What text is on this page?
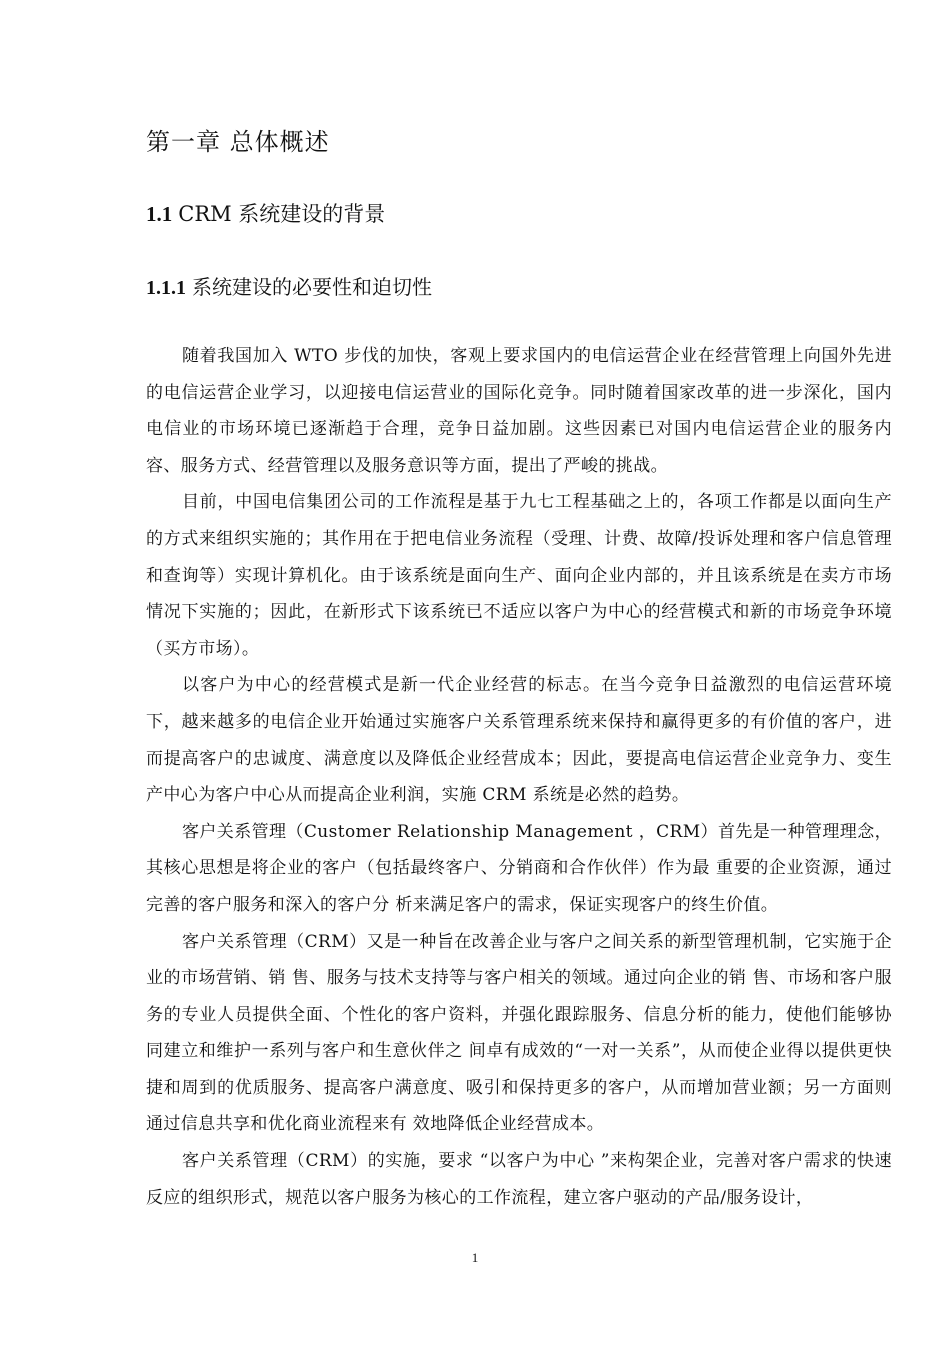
第一章 总体概述
1.1 CRM 系统建设的背景
1.1.1 系统建设的必要性和迫切性

随着我国加入 WTO 步伐的加快，客观上要求国内的电信运营企业在经营管理上向国外先进的电信运营企业学习，以迎接电信运营业的国际化竞争。同时随着国家改革的进一步深化，国内电信业的市场环境已逐渐趋于合理，竞争日益加剧。这些因素已对国内电信运营企业的服务内容、服务方式、经营管理以及服务意识等方面，提出了严峻的挑战。

目前，中国电信集团公司的工作流程是基于九七工程基础之上的，各项工作都是以面向生产的方式来组织实施的；其作用在于把电信业务流程（受理、计费、故障/投诉处理和客户信息管理和查询等）实现计算机化。由于该系统是面向生产、面向企业内部的，并且该系统是在卖方市场情况下实施的；因此，在新形式下该系统已不适应以客户为中心的经营模式和新的市场竞争环境（买方市场）。

以客户为中心的经营模式是新一代企业经营的标志。在当今竞争日益激烈的电信运营环境下，越来越多的电信企业开始通过实施客户关系管理系统来保持和赢得更多的有价值的客户，进而提高客户的忠诚度、满意度以及降低企业经营成本；因此，要提高电信运营企业竞争力、变生产中心为客户中心从而提高企业利润，实施 CRM 系统是必然的趋势。

客户关系管理（Customer Relationship Management ，CRM）首先是一种管理理念，其核心思想是将企业的客户（包括最终客户、分销商和合作伙伴）作为最 重要的企业资源，通过完善的客户服务和深入的客户分 析来满足客户的需求，保证实现客户的终生价值。

客户关系管理（CRM）又是一种旨在改善企业与客户之间关系的新型管理机制，它实施于企业的市场营销、销 售、服务与技术支持等与客户相关的领域。通过向企业的销 售、市场和客户服务的专业人员提供全面、个性化的客户资料，并强化跟踪服务、信息分析的能力，使他们能够协同建立和维护一系列与客户和生意伙伴之 间卓有成效的“一对一关系”，从而使企业得以提供更快捷和周到的优质服务、提高客户满意度、吸引和保持更多的客户，从而增加营业额；另一方面则通过信息共享和优化商业流程来有 效地降低企业经营成本。

客户关系管理（CRM）的实施，要求 “以客户为中心 ”来构架企业，完善对客户需求的快速反应的组织形式，规范以客户服务为核心的工作流程，建立客户驱动的产品/服务设计，

1
